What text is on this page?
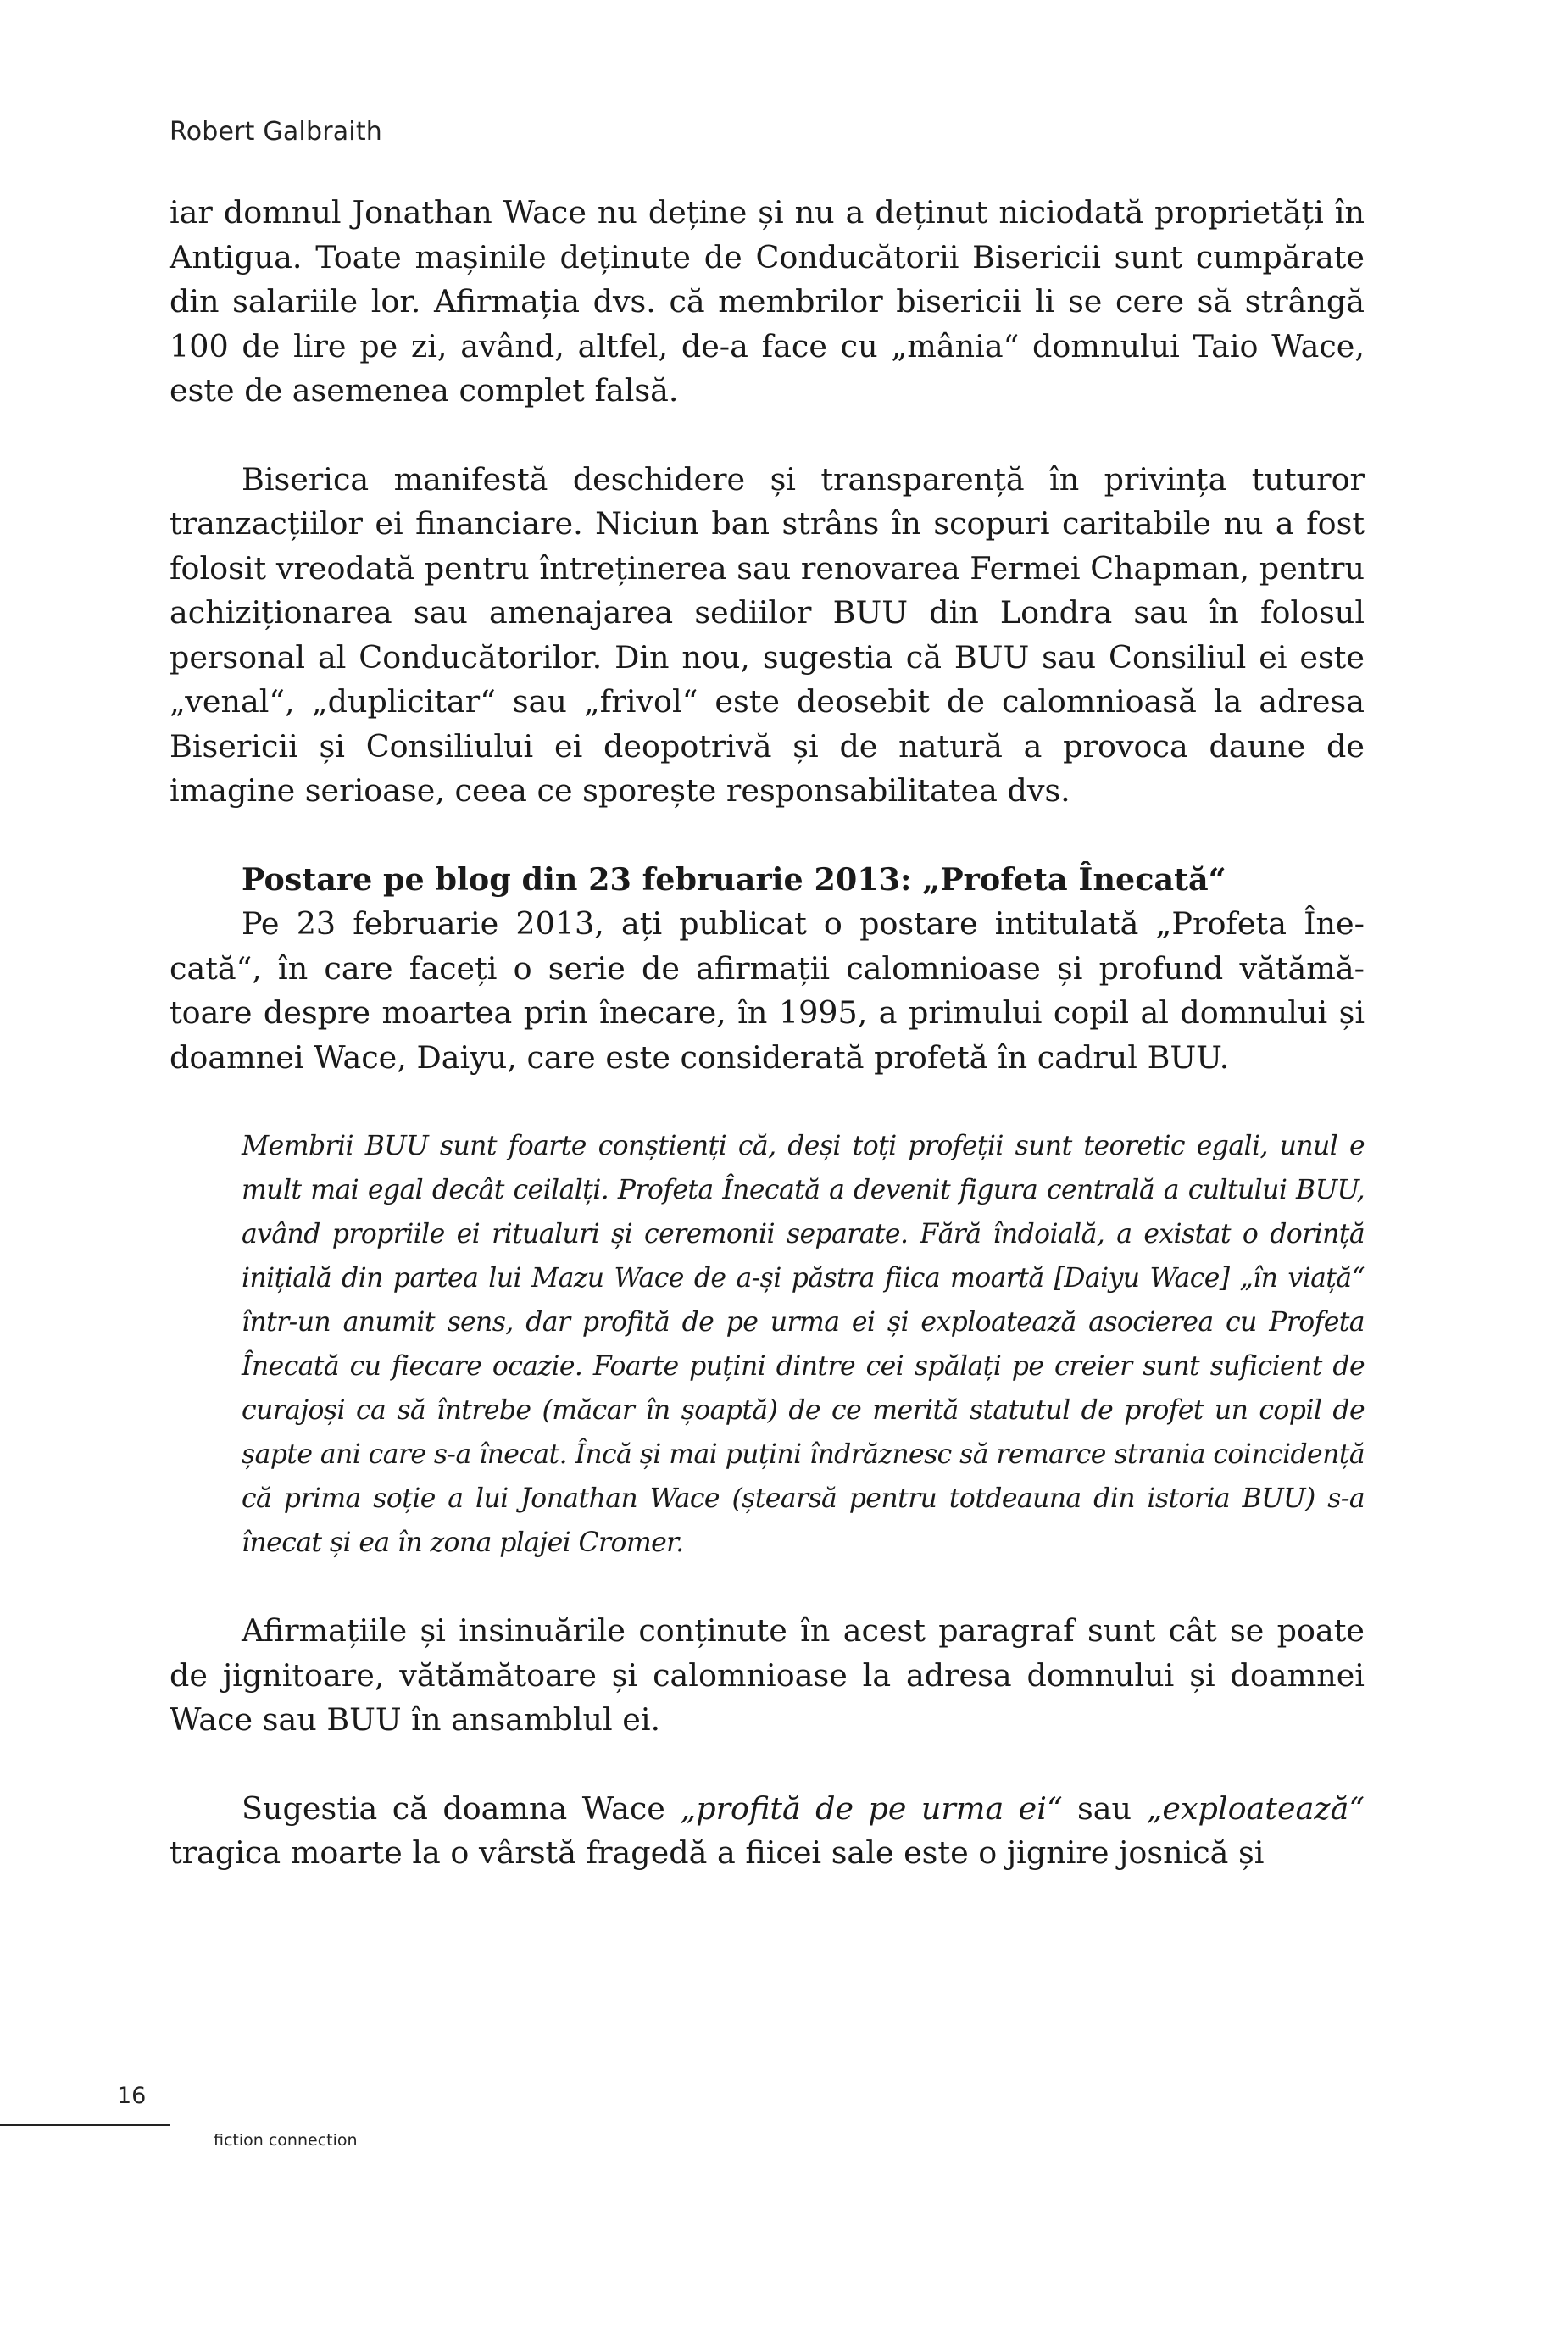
Robert Galbraith

iar domnul Jonathan Wace nu deține și nu a deținut niciodată proprietăți în Antigua. Toate mașinile deținute de Conducătorii Bisericii sunt cumpărate din salariile lor. Afirmația dvs. că membrilor bisericii li se cere să strângă 100 de lire pe zi, având, altfel, de-a face cu „mânia“ domnului Taio Wace, este de asemenea complet falsă.

Biserica manifestă deschidere și transparență în privința tuturor tranzacțiilor ei financiare. Niciun ban strâns în scopuri caritabile nu a fost folosit vreodată pentru întreținerea sau renovarea Fermei Chapman, pentru achiziționarea sau amenajarea sediilor BUU din Londra sau în folosul personal al Conducătorilor. Din nou, sugestia că BUU sau Consiliul ei este „venal“, „duplicitar“ sau „frivol“ este deosebit de calomnioasă la adresa Bisericii și Consiliului ei deopotrivă și de natură a provoca daune de imagine serioase, ceea ce sporește responsabilitatea dvs.

Postare pe blog din 23 februarie 2013: „Profeta Înecată“

Pe 23 februarie 2013, ați publicat o postare intitulată „Profeta Înecată“, în care faceți o serie de afirmații calomnioase și profund vătămătoare despre moartea prin înecare, în 1995, a primului copil al domnului și doamnei Wace, Daiyu, care este considerată profetă în cadrul BUU.

Membrii BUU sunt foarte conștienți că, deși toți profeții sunt teoretic egali, unul e mult mai egal decât ceilalți. Profeta Înecată a devenit figura centrală a cultului BUU, având propriile ei ritualuri și ceremonii separate. Fără îndoială, a existat o dorință inițială din partea lui Mazu Wace de a-și păstra fiica moartă [Daiyu Wace] „în viață“ într-un anumit sens, dar profită de pe urma ei și exploatează asocierea cu Profeta Înecată cu fiecare ocazie. Foarte puțini dintre cei spălați pe creier sunt suficient de curajoși ca să întrebe (măcar în șoaptă) de ce merită statutul de profet un copil de șapte ani care s-a înecat. Încă și mai puțini îndrăznesc să remarce strania coincidență că prima soție a lui Jonathan Wace (ștearsă pentru totdeauna din istoria BUU) s-a înecat și ea în zona plajei Cromer.

Afirmațiile și insinuările conținute în acest paragraf sunt cât se poate de jignitoare, vătămătoare și calomnioase la adresa domnului și doamnei Wace sau BUU în ansamblul ei.

Sugestia că doamna Wace „profită de pe urma ei“ sau „exploatează“ tragica moarte la o vârstă fragedă a fiicei sale este o jignire josnică și

16
fiction connection
